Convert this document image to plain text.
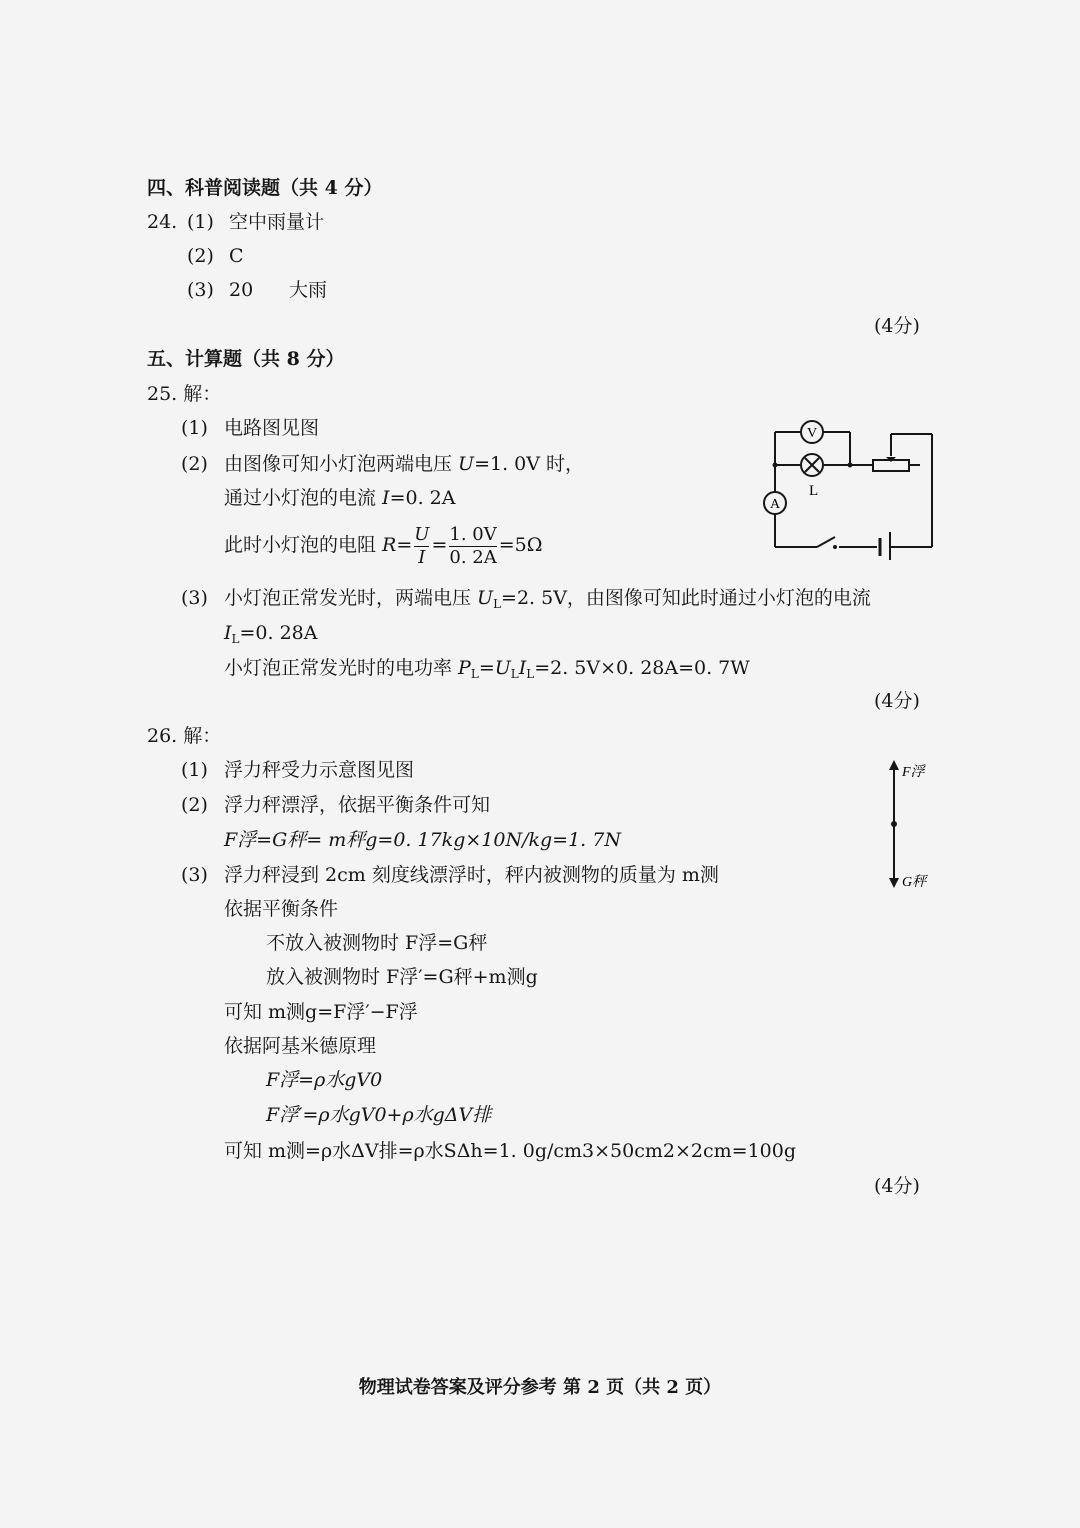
四、科普阅读题（共 4 分）
24. (1) 空中雨量计
(2) C
(3) 20 大雨
(4分)
五、计算题（共 8 分）
25. 解：
(1) 电路图见图
(2) 由图像可知小灯泡两端电压 U=1. 0V 时，
通过小灯泡的电流 I=0. 2A
此时小灯泡的电阻 $R= \frac{U}{I} = \frac{1. 0V}{0. 2A} =5\Omega$
(3) 小灯泡正常发光时，两端电压 $U_L=2$. 5V，由图像可知此时通过小灯泡的电流
$I_L=0$. 28A
小灯泡正常发光时的电功率 $P_L=U_LI_L=2$. 5V×0. 28A=0. 7W
(4分)
V
A
L
26. 解：
(1) 浮力秤受力示意图见图
(2) 浮力秤漂浮，依据平衡条件可知
F浮=G秤= m秤g=0. 17kg×10N/kg=1. 7N
(3) 浮力秤浸到 2cm 刻度线漂浮时，秤内被测物的质量为 m测
依据平衡条件
不放入被测物时 F浮=G秤
放入被测物时 F浮′=G秤+m测g
可知 m测g=F浮′−F浮
依据阿基米德原理
F浮=ρ水gV0
F浮′=ρ水gV0+ρ水gΔV排
可知 m测=ρ水ΔV排=ρ水SΔh=1. 0g/cm3×50cm2×2cm=100g
(4分)
F浮
G秤
物理试卷答案及评分参考 第 2 页（共 2 页）
